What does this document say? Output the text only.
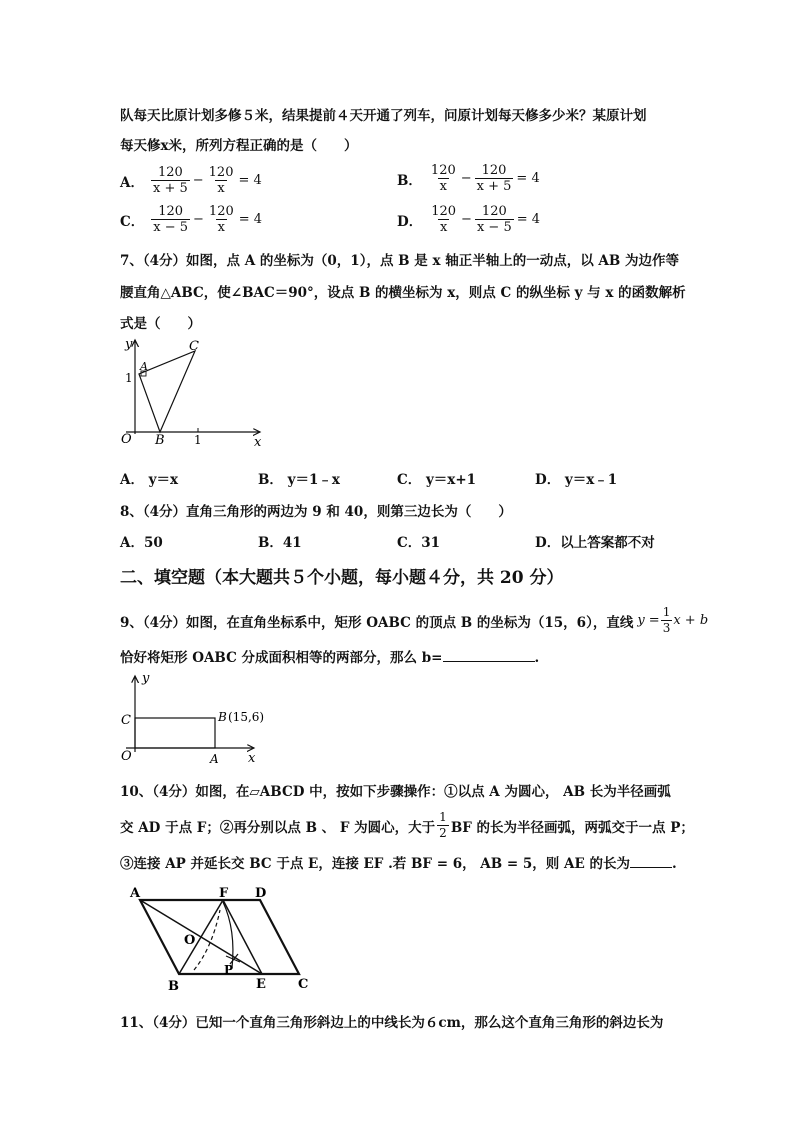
队每天比原计划多修５米，结果提前４天开通了列车，问原计划每天修多少米？某原计划
每天修x米，所列方程正确的是（　　）
A． $\frac{120}{x + 5} - \frac{120}{x} = 4$	B． $\frac{120}{x} - \frac{120}{x + 5} = 4$
C． $\frac{120}{x - 5} - \frac{120}{x} = 4$	D． $\frac{120}{x} - \frac{120}{x - 5} = 4$
7、（4分）如图，点 A 的坐标为（0，1），点 B 是 x 轴正半轴上的一动点，以 AB 为边作等
腰直角△ABC，使∠BAC＝90°，设点 B 的横坐标为 x，则点 C 的纵坐标 y 与 x 的函数解析
式是（　　）
y
x
O
A
B
C
1
1
A． y＝x	B． y＝1﹣x	C． y＝x+1	D． y＝x﹣1
8、（4分）直角三角形的两边为 9 和 40，则第三边长为（　　）
A．50	B．41	C．31	D．以上答案都不对
二、填空题（本大题共５个小题，每小题４分，共 20 分）
9、（4分）如图，在直角坐标系中，矩形 OABC 的顶点 B 的坐标为（15，6），直线 $y = \frac{1}{3}$ x + b
恰好将矩形 OABC 分成面积相等的两部分，那么 b=	.
y
x
O	A
B (15,6)
C
10、（4分）如图，在▱ABCD 中，按如下步骤操作：①以点 A 为圆心， AB 长为半径画弧
交 AD 于点 F；②再分别以点 B 、 F 为圆心，大于 $\frac{1}{2}$ BF 的长为半径画弧，两弧交于一点 P；
③连接 AP 并延长交 BC 于点 E，连接 EF .若 BF = 6， AB = 5，则 AE 的长为	.
A	F D
O
P
B	E C
11、（4分）已知一个直角三角形斜边上的中线长为６cm，那么这个直角三角形的斜边长为
